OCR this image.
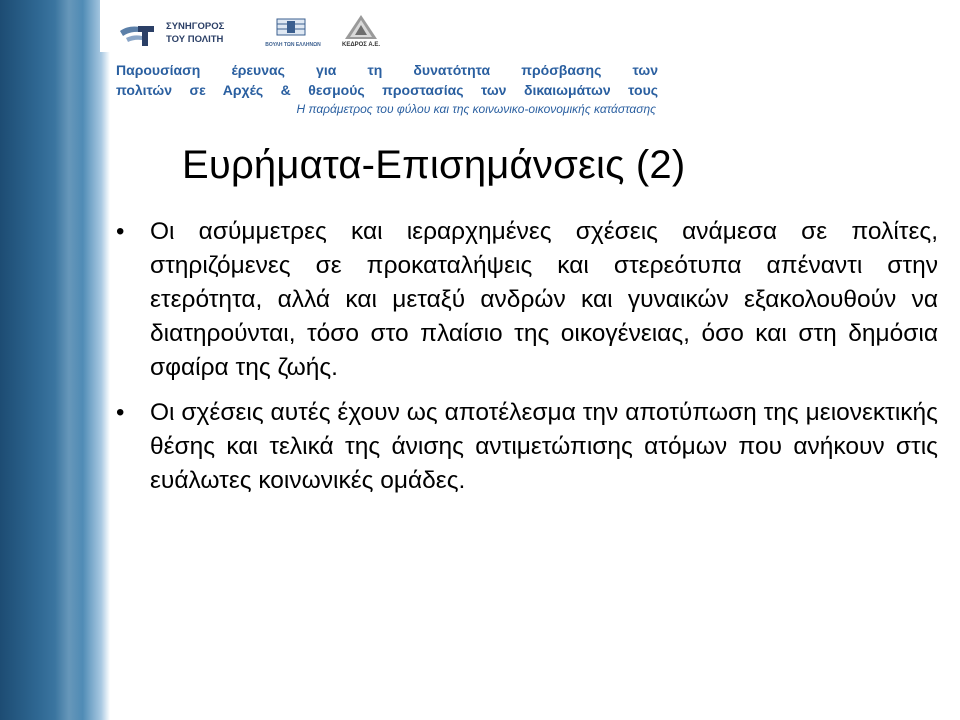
ΣΥΝΗΓΟΡΟΣ
ΤΟΥ ΠΟΛΙΤΗ	ΒΟΥΛΗ ΤΩΝ ΕΛΛΗΝΩΝ	ΚΕΔΡΟΣ Α.Ε.
Παρουσίαση έρευνας για τη δυνατότητα πρόσβασης των
πολιτών σε Αρχές & θεσμούς προστασίας των δικαιωμάτων τους
Η παράμετρος του φύλου και της κοινωνικο-οικονομικής κατάστασης
Ευρήματα-Επισημάνσεις (2)
• Οι ασύμμετρες και ιεραρχημένες σχέσεις ανάμεσα σε πολίτες, στηριζόμενες σε προκαταλήψεις και στερεότυπα απέναντι στην ετερότητα, αλλά και μεταξύ ανδρών και γυναικών εξακολουθούν να διατηρούνται, τόσο στο πλαίσιο της οικογένειας, όσο και στη δημόσια σφαίρα της ζωής.
• Οι σχέσεις αυτές έχουν ως αποτέλεσμα την αποτύπωση της μειονεκτικής θέσης και τελικά της άνισης αντιμετώπισης ατόμων που ανήκουν στις ευάλωτες κοινωνικές ομάδες.
